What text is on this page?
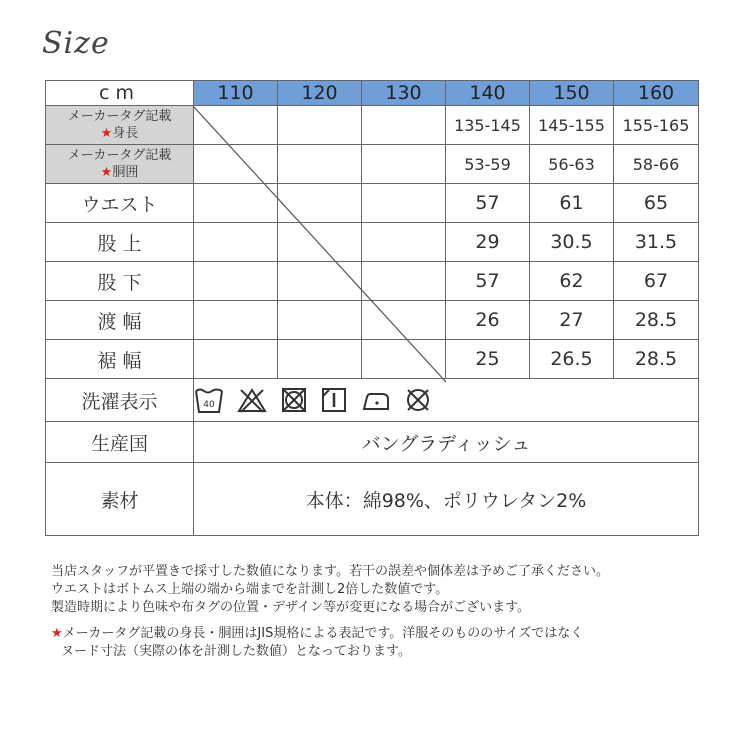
Size
cm	110	120	130	140	150	160

メーカータグ記載
★身長				135-145	145-155	155-165

メーカータグ記載
★胴囲				53-59	56-63	58-66
ウエスト				57	61	65
股 上				29	30.5	31.5
股 下				57	62	67
渡 幅				26	27	28.5
裾 幅				25	26.5	28.5
洗濯表示	40					

生産国	バングラディッシュ					
素材	本体：綿98%、ポリウレタン2%					

当店スタッフが平置きで採寸した数値になります。若干の誤差や個体差は予めご了承ください。

ウエストはボトムス上端の端から端までを計測し2倍した数値です。

製造時期により色味や布タグの位置・デザイン等が変更になる場合がございます。

★メーカータグ記載の身長・胴囲はJIS規格による表記です。洋服そのもののサイズではなく

ヌード寸法（実際の体を計測した数値）となっております。
